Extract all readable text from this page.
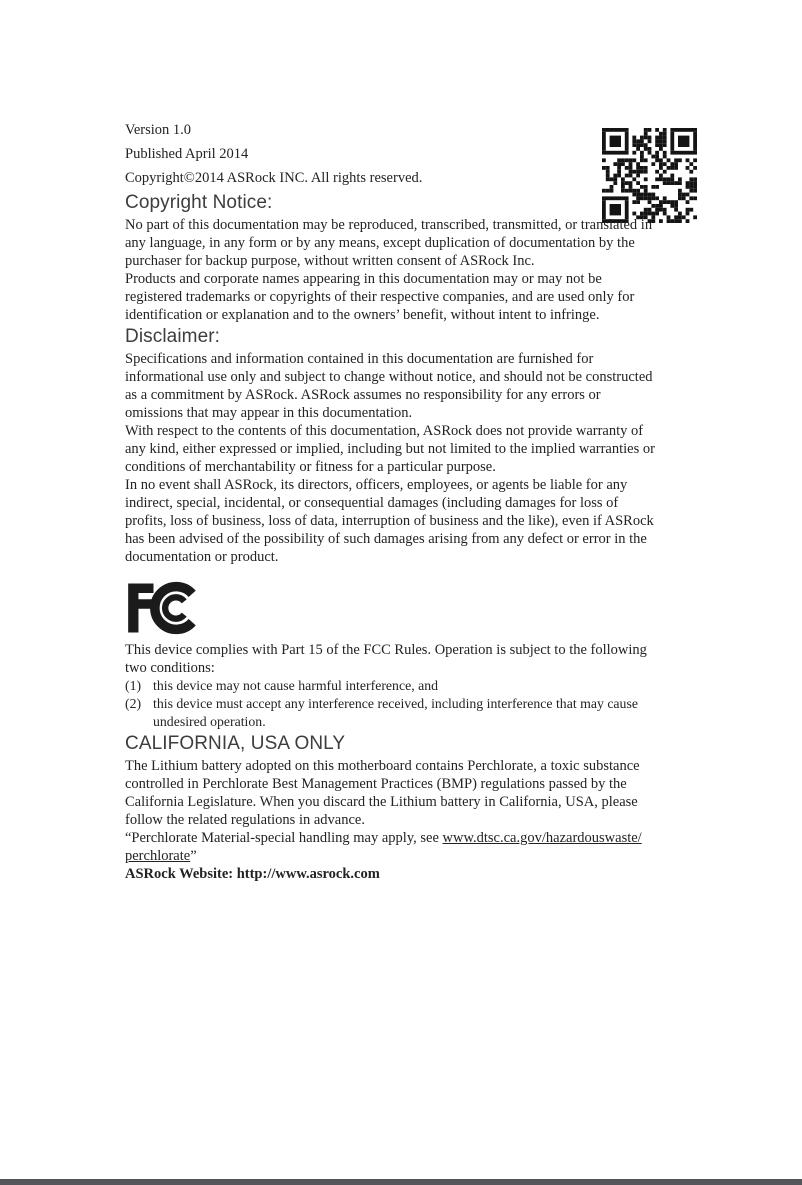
Version 1.0

Published April 2014

Copyright©2014 ASRock INC. All rights reserved.

Copyright Notice:

No part of this documentation may be reproduced, transcribed, transmitted, or translated in any language, in any form or by any means, except duplication of documentation by the purchaser for backup purpose, without written consent of ASRock Inc.

Products and corporate names appearing in this documentation may or may not be registered trademarks or copyrights of their respective companies, and are used only for identification or explanation and to the owners’ benefit, without intent to infringe.

Disclaimer:

Specifications and information contained in this documentation are furnished for informational use only and subject to change without notice, and should not be constructed as a commitment by ASRock. ASRock assumes no responsibility for any errors or omissions that may appear in this documentation.

With respect to the contents of this documentation, ASRock does not provide warranty of any kind, either expressed or implied, including but not limited to the implied warranties or conditions of merchantability or fitness for a particular purpose.

In no event shall ASRock, its directors, officers, employees, or agents be liable for any indirect, special, incidental, or consequential damages (including damages for loss of profits, loss of business, loss of data, interruption of business and the like), even if ASRock has been advised of the possibility of such damages arising from any defect or error in the documentation or product.

This device complies with Part 15 of the FCC Rules. Operation is subject to the following two conditions:

(1) this device may not cause harmful interference, and
(2) this device must accept any interference received, including interference that may cause undesired operation.
CALIFORNIA, USA ONLY

The Lithium battery adopted on this motherboard contains Perchlorate, a toxic substance controlled in Perchlorate Best Management Practices (BMP) regulations passed by the California Legislature. When you discard the Lithium battery in California, USA, please follow the related regulations in advance.

“Perchlorate Material-special handling may apply, see www.dtsc.ca.gov/hazardouswaste/perchlorate”

ASRock Website: http://www.asrock.com
